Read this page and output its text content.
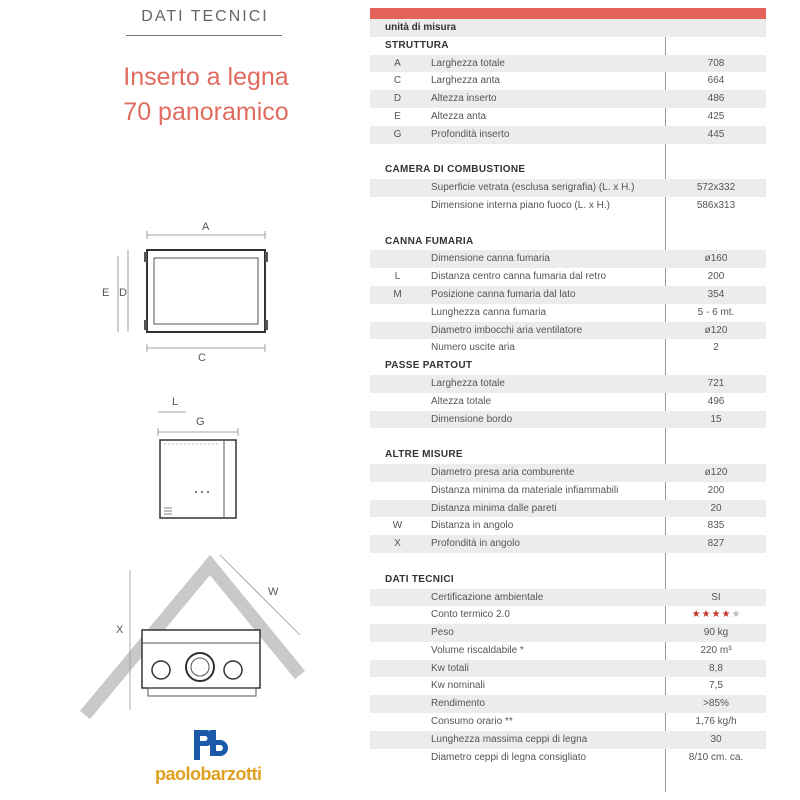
DATI TECNICI
Inserto a legna
70 panoramico
A
C
E D
L
G
X
W
paolobarzotti
unità di misura
STRUTTURA
A	Larghezza totale	708
C	Larghezza anta	664
D	Altezza inserto	486
E	Altezza anta	425
G	Profondità inserto	445
CAMERA DI COMBUSTIONE
Superficie vetrata (esclusa serigrafia) (L. x H.)	572x332
Dimensione interna piano fuoco (L. x H.)	586x313
CANNA FUMARIA
Dimensione canna fumaria	ø160
L	Distanza centro canna fumaria dal retro	200
M	Posizione canna fumaria dal lato	354
Lunghezza canna fumaria	5 - 6 mt.
Diametro imbocchi aria ventilatore	ø120
Numero uscite aria	2
PASSE PARTOUT
Larghezza totale	721
Altezza totale	496
Dimensione bordo	15
ALTRE MISURE
Diametro presa aria comburente	ø120
Distanza minima da materiale infiammabili	200
Distanza minima dalle pareti	20
W	Distanza in angolo	835
X	Profondità in angolo	827
DATI TECNICI
Certificazione ambientale	SI
Conto termico 2.0	★★★★★
Peso	90 kg
Volume riscaldabile *	220 m³
Kw totali	8,8
Kw nominali	7,5
Rendimento	>85%
Consumo orario **	1,76 kg/h
Lunghezza massima ceppi di legna	30
Diametro ceppi di legna consigliato	8/10 cm. ca.
